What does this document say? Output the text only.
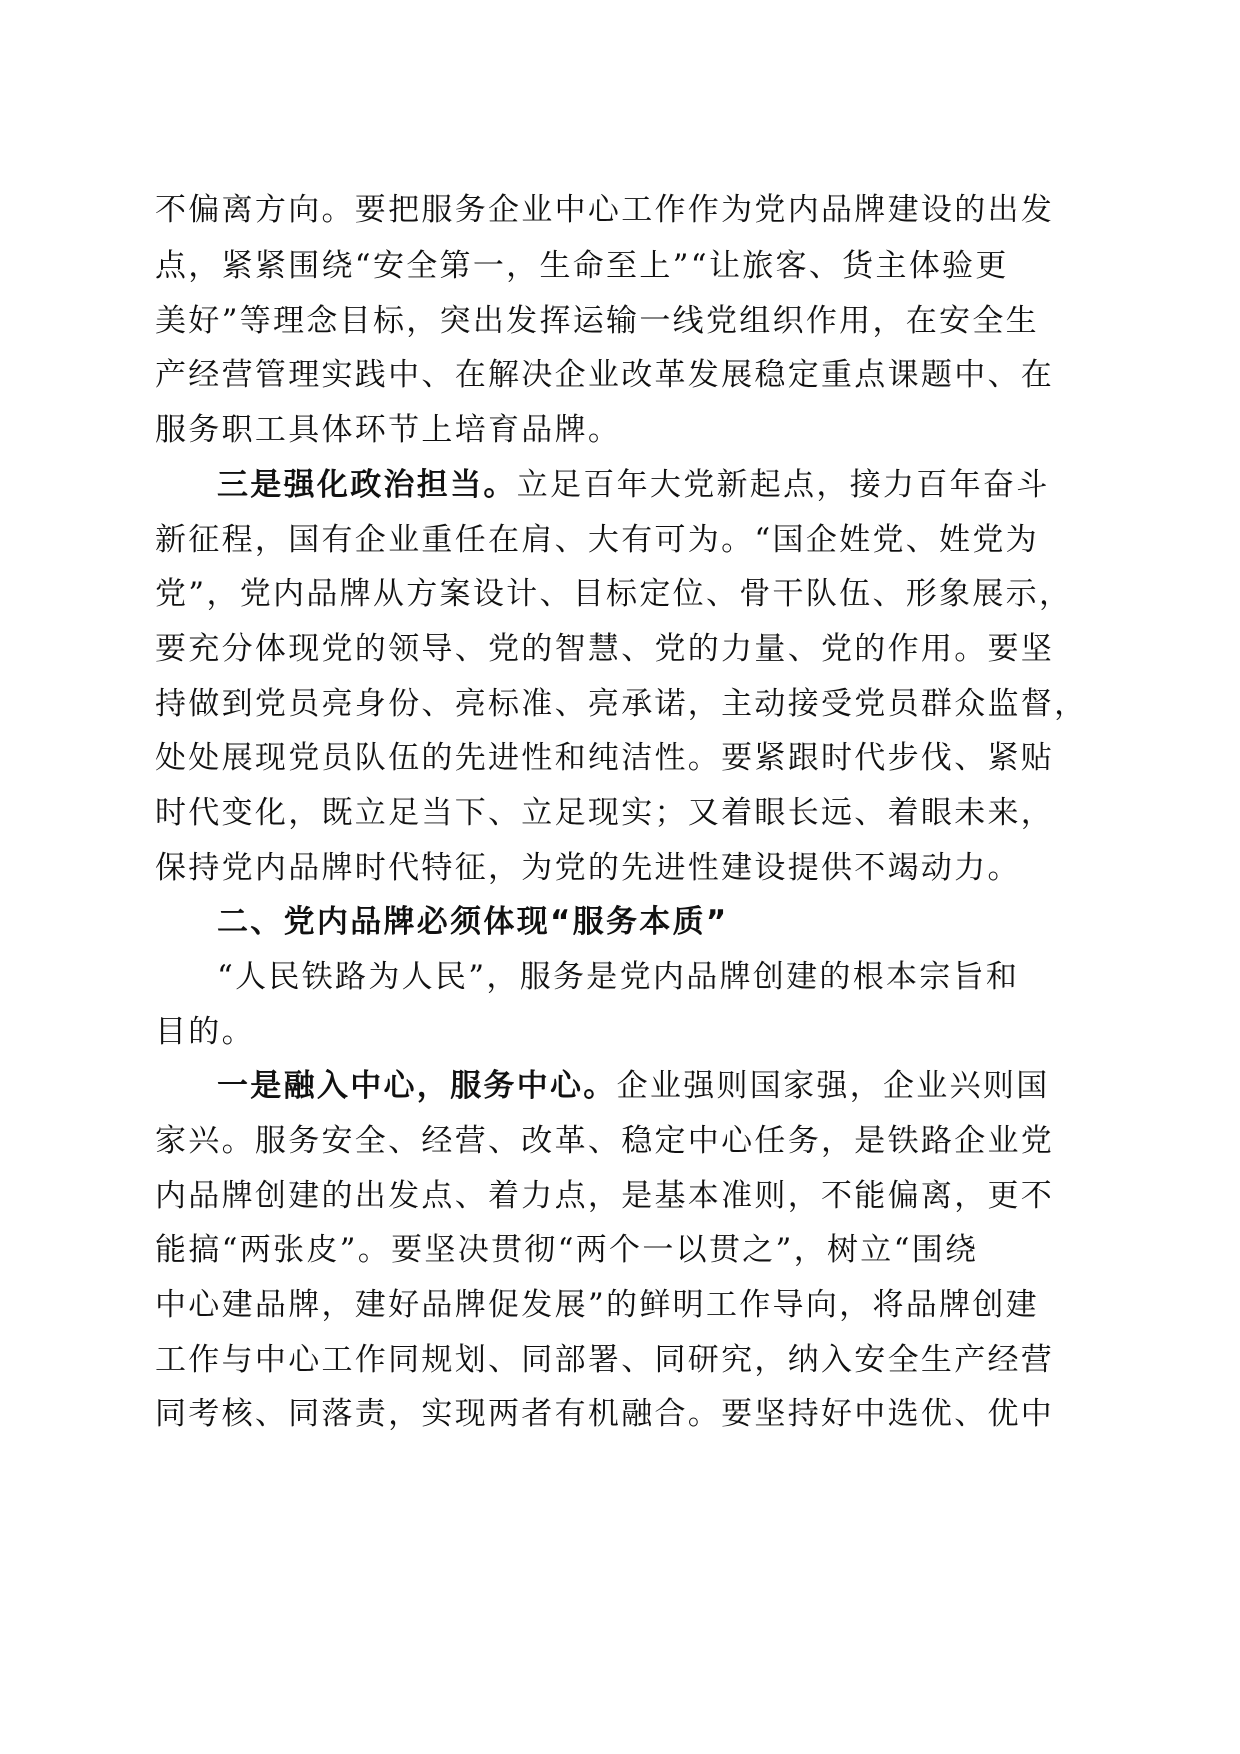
不偏离方向。要把服务企业中心工作作为党内品牌建设的出发
点，紧紧围绕“安全第一，生命至上”“让旅客、货主体验更
美好”等理念目标，突出发挥运输一线党组织作用，在安全生
产经营管理实践中、在解决企业改革发展稳定重点课题中、在
服务职工具体环节上培育品牌。
三是强化政治担当。立足百年大党新起点，接力百年奋斗
新征程，国有企业重任在肩、大有可为。“国企姓党、姓党为
党”，党内品牌从方案设计、目标定位、骨干队伍、形象展示，
要充分体现党的领导、党的智慧、党的力量、党的作用。要坚
持做到党员亮身份、亮标准、亮承诺，主动接受党员群众监督，
处处展现党员队伍的先进性和纯洁性。要紧跟时代步伐、紧贴
时代变化，既立足当下、立足现实；又着眼长远、着眼未来，
保持党内品牌时代特征，为党的先进性建设提供不竭动力。
二、党内品牌必须体现“服务本质”
“人民铁路为人民”，服务是党内品牌创建的根本宗旨和
目的。
一是融入中心，服务中心。企业强则国家强，企业兴则国
家兴。服务安全、经营、改革、稳定中心任务，是铁路企业党
内品牌创建的出发点、着力点，是基本准则，不能偏离，更不
能搞“两张皮”。要坚决贯彻“两个一以贯之”，树立“围绕
中心建品牌，建好品牌促发展”的鲜明工作导向，将品牌创建
工作与中心工作同规划、同部署、同研究，纳入安全生产经营
同考核、同落责，实现两者有机融合。要坚持好中选优、优中
